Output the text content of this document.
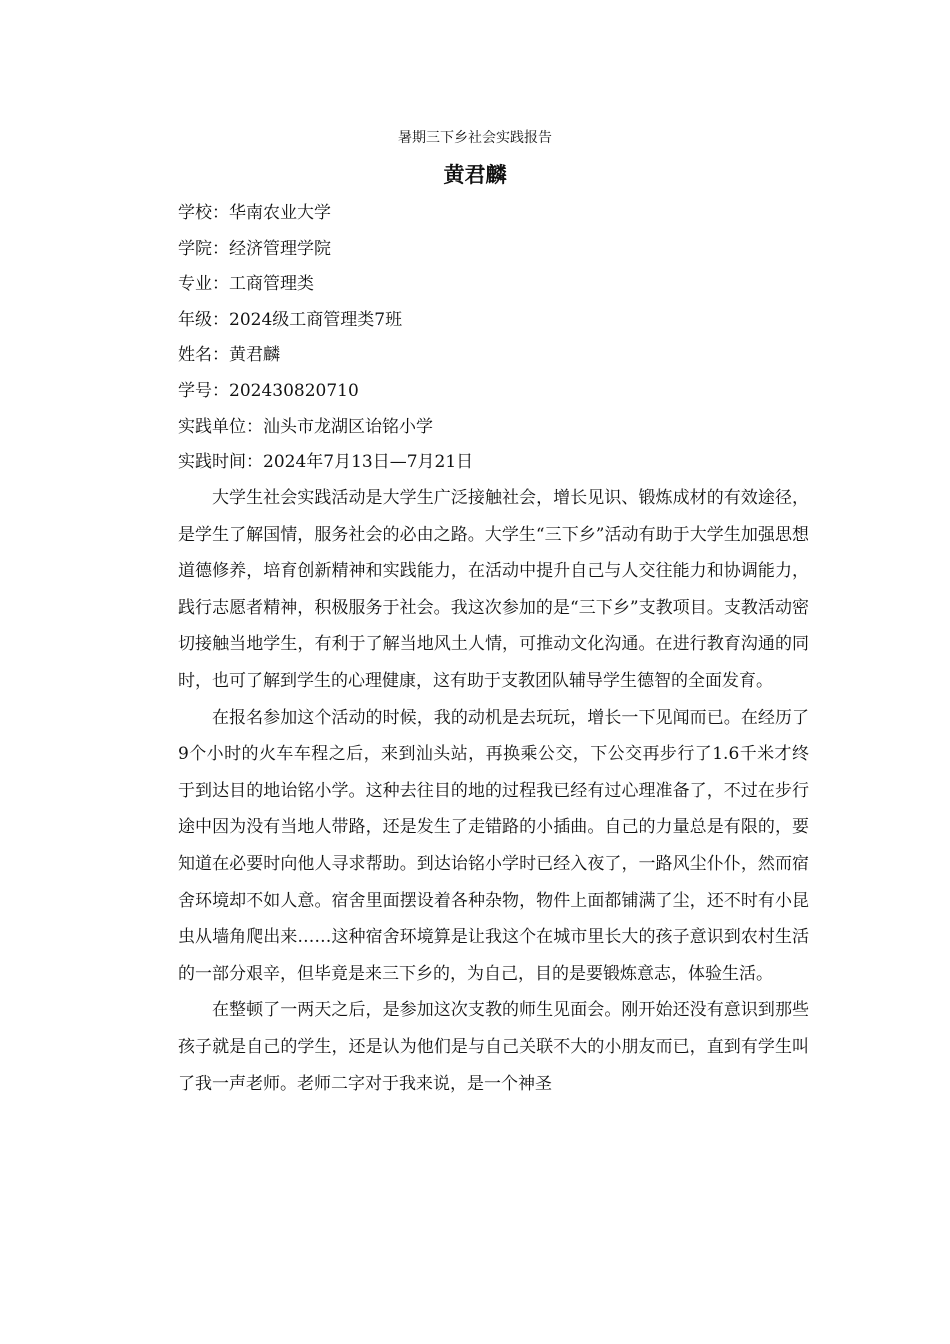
暑期三下乡社会实践报告
黄君麟
学校：华南农业大学
学院：经济管理学院
专业：工商管理类
年级：2024级工商管理类7班
姓名：黄君麟
学号：202430820710
实践单位：汕头市龙湖区诒铭小学
实践时间：2024年7月13日—7月21日

大学生社会实践活动是大学生广泛接触社会，增长见识、锻炼成材的有效途径，是学生了解国情，服务社会的必由之路。大学生“三下乡”活动有助于大学生加强思想道德修养，培育创新精神和实践能力，在活动中提升自己与人交往能力和协调能力，践行志愿者精神，积极服务于社会。我这次参加的是“三下乡”支教项目。支教活动密切接触当地学生，有利于了解当地风土人情，可推动文化沟通。在进行教育沟通的同时，也可了解到学生的心理健康，这有助于支教团队辅导学生德智的全面发育。

在报名参加这个活动的时候，我的动机是去玩玩，增长一下见闻而已。在经历了9个小时的火车车程之后，来到汕头站，再换乘公交，下公交再步行了1.6千米才终于到达目的地诒铭小学。这种去往目的地的过程我已经有过心理准备了，不过在步行途中因为没有当地人带路，还是发生了走错路的小插曲。自己的力量总是有限的，要知道在必要时向他人寻求帮助。到达诒铭小学时已经入夜了，一路风尘仆仆，然而宿舍环境却不如人意。宿舍里面摆设着各种杂物，物件上面都铺满了尘，还不时有小昆虫从墙角爬出来……这种宿舍环境算是让我这个在城市里长大的孩子意识到农村生活的一部分艰辛，但毕竟是来三下乡的，为自己，目的是要锻炼意志，体验生活。

在整顿了一两天之后，是参加这次支教的师生见面会。刚开始还没有意识到那些孩子就是自己的学生，还是认为他们是与自己关联不大的小朋友而已，直到有学生叫了我一声老师。老师二字对于我来说，是一个神圣
